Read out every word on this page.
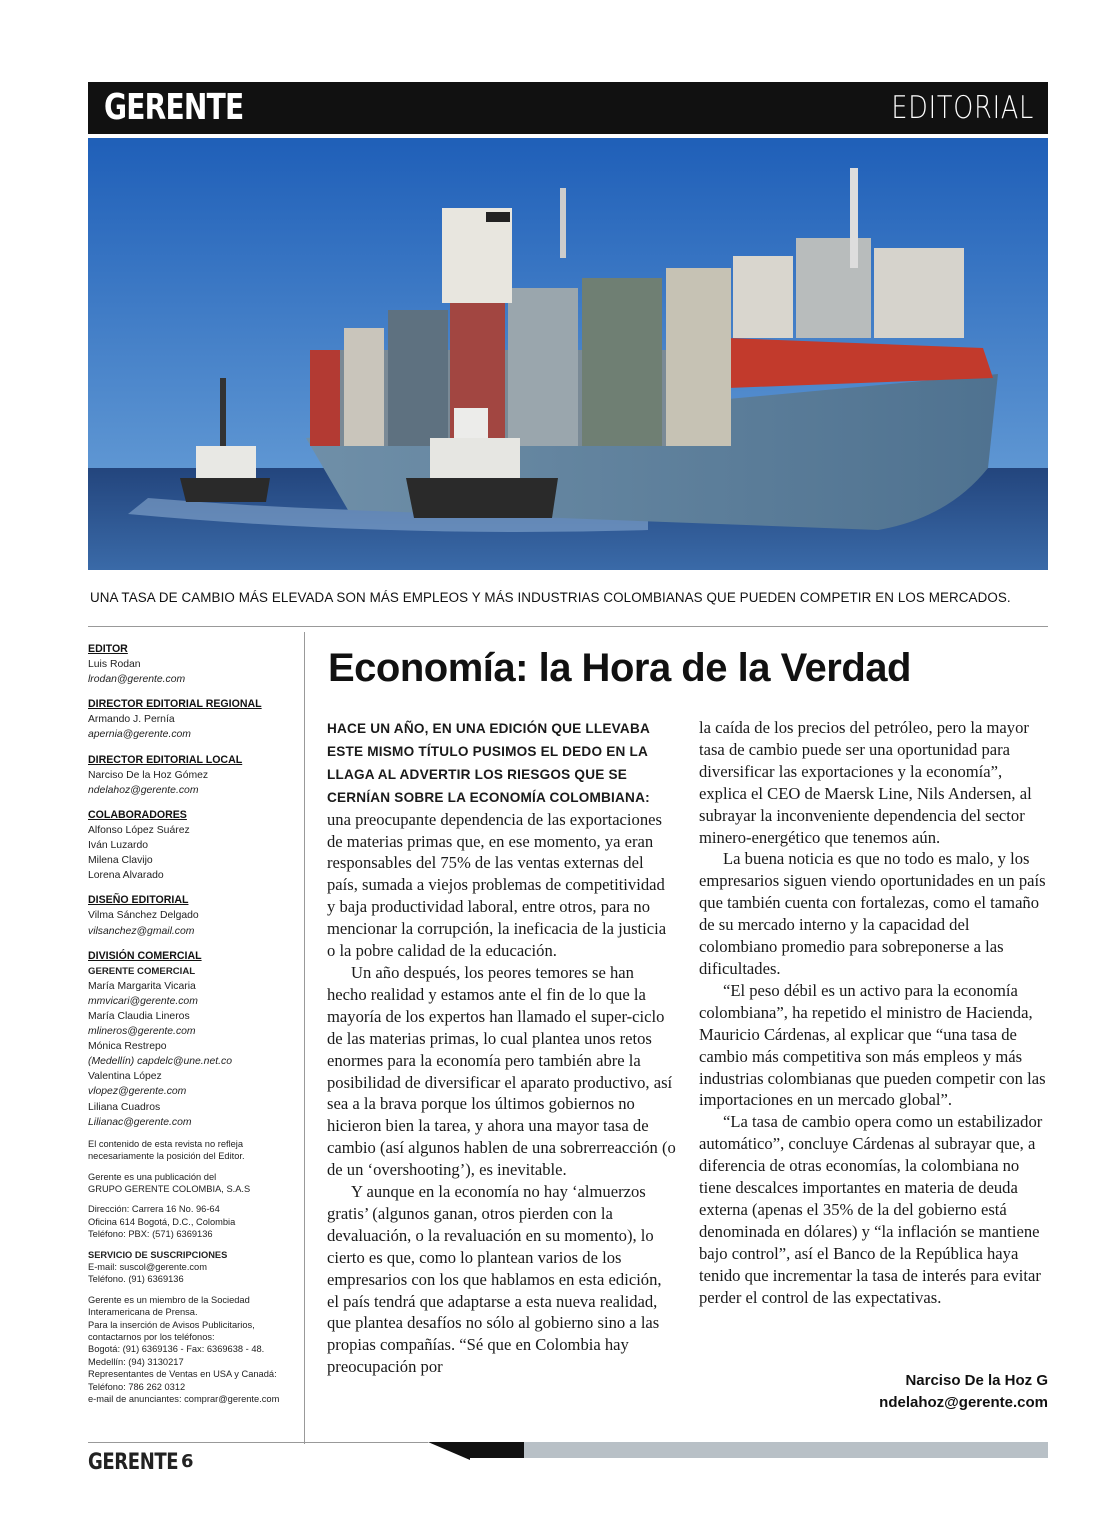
GERENTE	EDITORIAL
UNA TASA DE CAMBIO MÁS ELEVADA SON MÁS EMPLEOS Y MÁS INDUSTRIAS COLOMBIANAS QUE PUEDEN COMPETIR EN LOS MERCADOS.
EDITOR
Luis Rodan
lrodan@gerente.com
DIRECTOR EDITORIAL REGIONAL
Armando J. Pernía
apernia@gerente.com
DIRECTOR EDITORIAL LOCAL
Narciso De la Hoz Gómez
ndelahoz@gerente.com
COLABORADORES
Alfonso López Suárez
Iván Luzardo
Milena Clavijo
Lorena Alvarado
DISEÑO EDITORIAL
Vilma Sánchez Delgado
vilsanchez@gmail.com
DIVISIÓN COMERCIAL
GERENTE COMERCIAL
María Margarita Vicaria
mmvicari@gerente.com
María Claudia Lineros
mlineros@gerente.com
Mónica Restrepo
(Medellín) capdelc@une.net.co
Valentina López
vlopez@gerente.com
Liliana Cuadros
Lilianac@gerente.com
El contenido de esta revista no refleja
necesariamente la posición del Editor.
Gerente es una publicación del
GRUPO GERENTE COLOMBIA, S.A.S
Dirección: Carrera 16 No. 96-64
Oficina 614 Bogotá, D.C., Colombia
Teléfono: PBX: (571) 6369136
SERVICIO DE SUSCRIPCIONES
E-mail: suscol@gerente.com
Teléfono. (91) 6369136
Gerente es un miembro de la Sociedad
Interamericana de Prensa.
Para la inserción de Avisos Publicitarios,
contactarnos por los teléfonos:
Bogotá: (91) 6369136 - Fax: 6369638 - 48.
Medellín: (94) 3130217
Representantes de Ventas en USA y Canadá:
Teléfono: 786 262 0312
e-mail de anunciantes: comprar@gerente.com
Economía: la Hora de la Verdad

HACE UN AÑO, EN UNA EDICIÓN QUE LLEVABA ESTE MISMO TÍTULO PUSIMOS EL DEDO EN LA LLAGA AL ADVERTIR LOS RIESGOS QUE SE CERNÍAN SOBRE LA ECONOMÍA COLOMBIANA: una preocupante dependencia de las exportaciones de materias primas que, en ese momento, ya eran responsables del 75% de las ventas externas del país, sumada a viejos problemas de competitividad y baja productividad laboral, entre otros, para no mencionar la corrupción, la ineficacia de la justicia o la pobre calidad de la educación.

Un año después, los peores temores se han hecho realidad y estamos ante el fin de lo que la mayoría de los expertos han llamado el super-ciclo de las materias primas, lo cual plantea unos retos enormes para la economía pero también abre la posibilidad de diversificar el aparato productivo, así sea a la brava porque los últimos gobiernos no hicieron bien la tarea, y ahora una mayor tasa de cambio (así algunos hablen de una sobrerreacción (o de un ‘overshooting’), es inevitable.

Y aunque en la economía no hay ‘almuerzos gratis’ (algunos ganan, otros pierden con la devaluación, o la revaluación en su momento), lo cierto es que, como lo plantean varios de los empresarios con los que hablamos en esta edición, el país tendrá que adaptarse a esta nueva realidad, que plantea desafíos no sólo al gobierno sino a las propias compañías. “Sé que en Colombia hay preocupación por

la caída de los precios del petróleo, pero la mayor tasa de cambio puede ser una oportunidad para diversificar las exportaciones y la economía”, explica el CEO de Maersk Line, Nils Andersen, al subrayar la inconveniente dependencia del sector minero-energético que tenemos aún.

La buena noticia es que no todo es malo, y los empresarios siguen viendo oportunidades en un país que también cuenta con fortalezas, como el tamaño de su mercado interno y la capacidad del colombiano promedio para sobreponerse a las dificultades.

“El peso débil es un activo para la economía colombiana”, ha repetido el ministro de Hacienda, Mauricio Cárdenas, al explicar que “una tasa de cambio más competitiva son más empleos y más industrias colombianas que pueden competir con las importaciones en un mercado global”.

“La tasa de cambio opera como un estabilizador automático”, concluye Cárdenas al subrayar que, a diferencia de otras economías, la colombiana no tiene descalces importantes en materia de deuda externa (apenas el 35% de la del gobierno está denominada en dólares) y “la inflación se mantiene bajo control”, así el Banco de la República haya tenido que incrementar la tasa de interés para evitar perder el control de las expectativas.

Narciso De la Hoz G
ndelahoz@gerente.com
GERENTE 6
